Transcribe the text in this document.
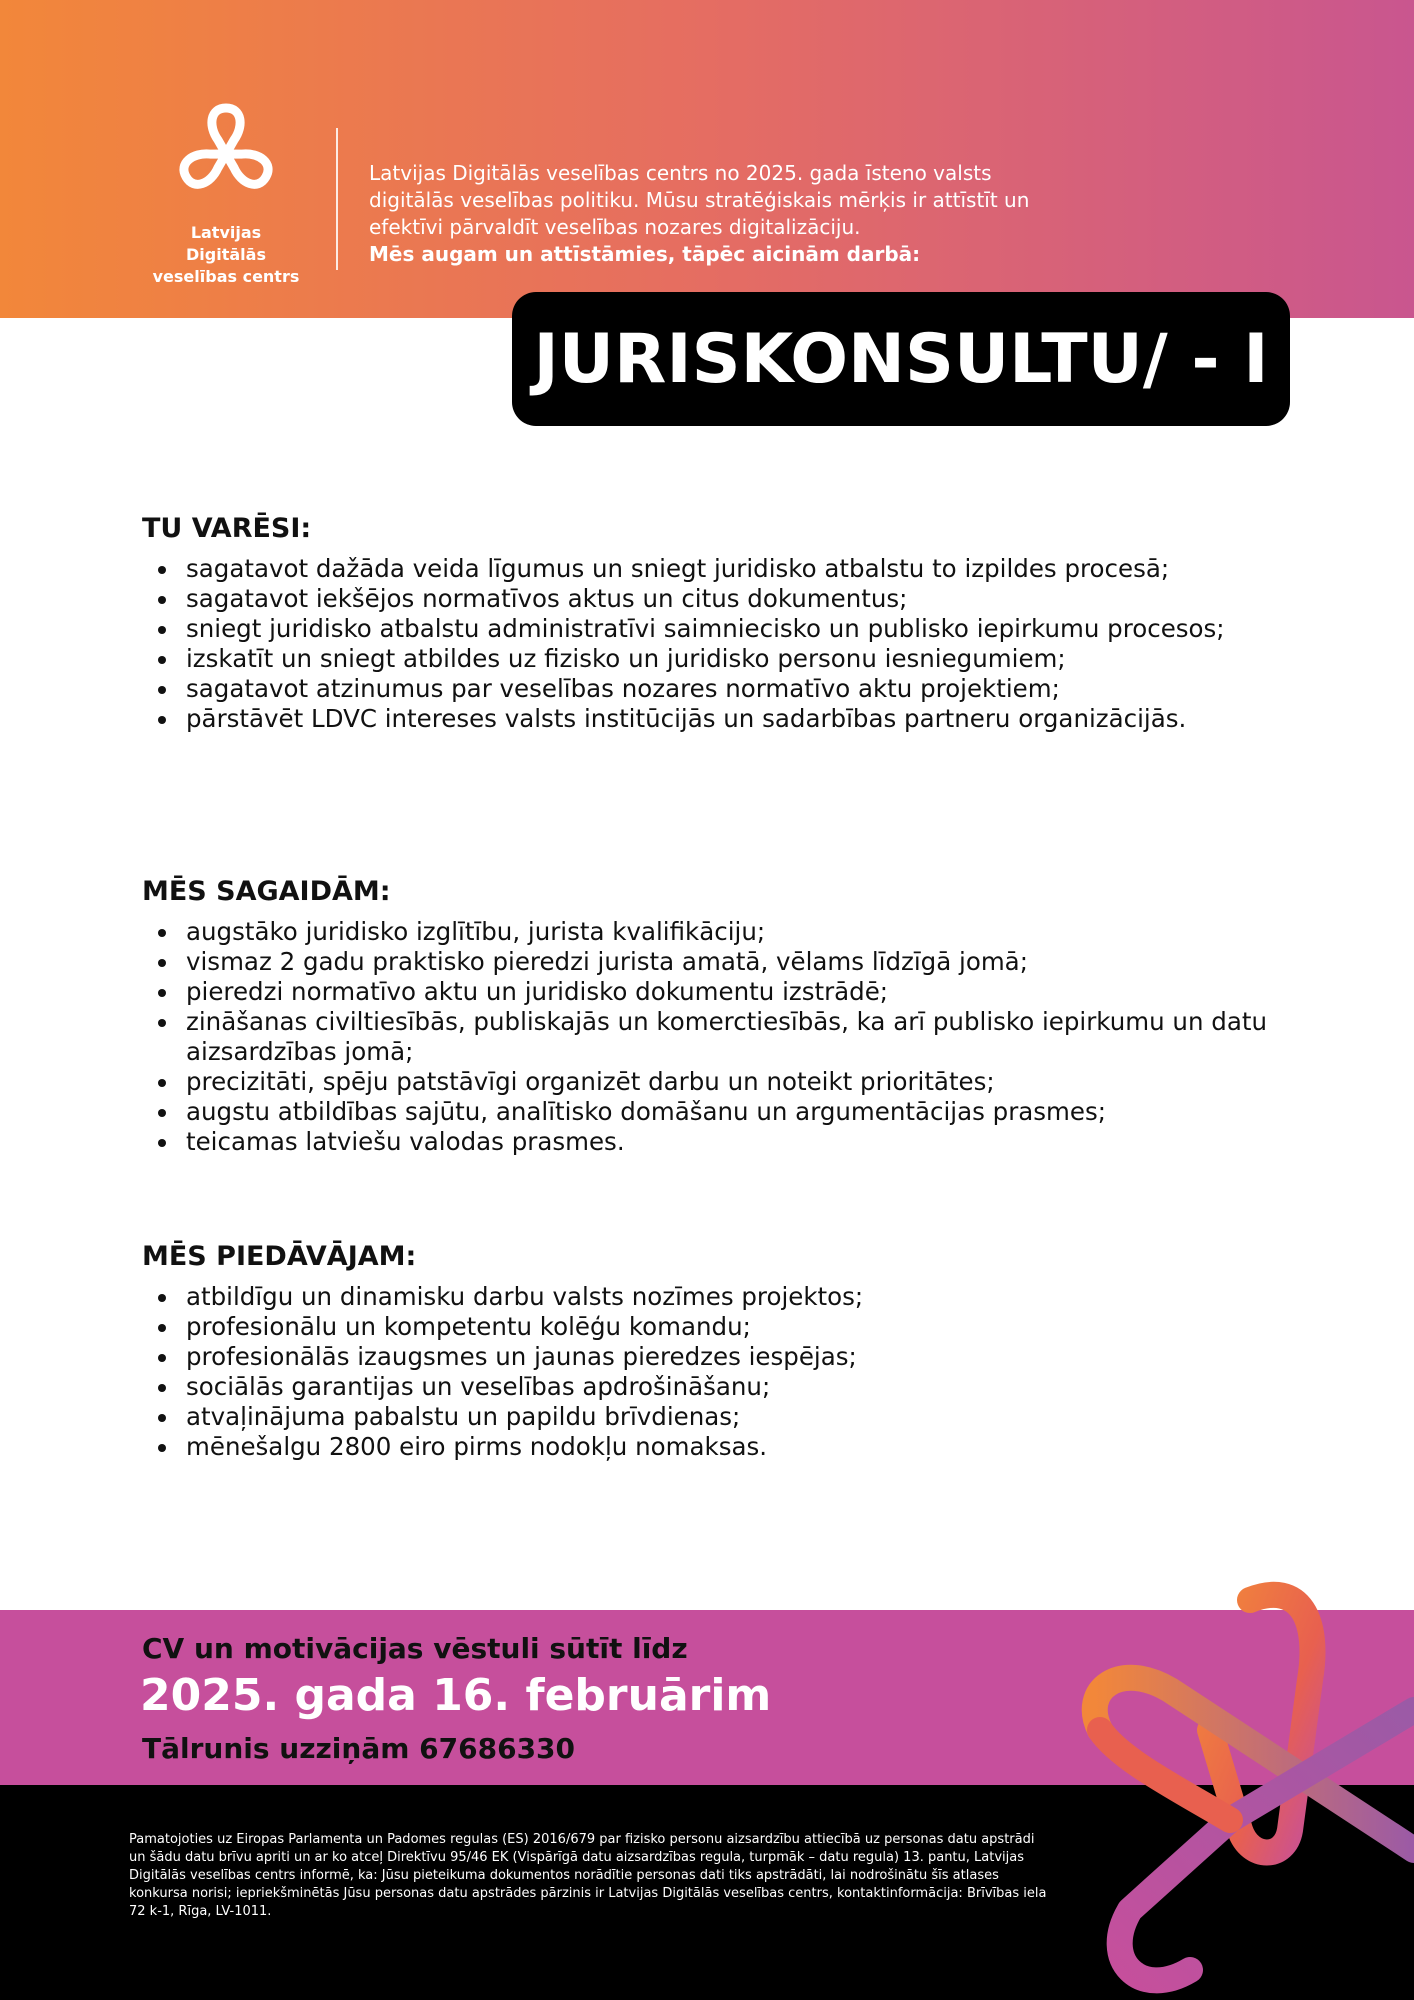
Latvijas Digitālās veselības centrs

Latvijas Digitālās veselības centrs no 2025. gada īsteno valsts digitālās veselības politiku. Mūsu stratēģiskais mērķis ir attīstīt un efektīvi pārvaldīt veselības nozares digitalizāciju.

Mēs augam un attīstāmies, tāpēc aicinām darbā:

JURISKONSULTU/ - I
TU VARĒSI:
sagatavot dažāda veida līgumus un sniegt juridisko atbalstu to izpildes procesā;
sagatavot iekšējos normatīvos aktus un citus dokumentus;
sniegt juridisko atbalstu administratīvi saimniecisko un publisko iepirkumu procesos;
izskatīt un sniegt atbildes uz fizisko un juridisko personu iesniegumiem;
sagatavot atzinumus par veselības nozares normatīvo aktu projektiem;
pārstāvēt LDVC intereses valsts institūcijās un sadarbības partneru organizācijās.
MĒS SAGAIDĀM:
augstāko juridisko izglītību, jurista kvalifikāciju;
vismaz 2 gadu praktisko pieredzi jurista amatā, vēlams līdzīgā jomā;
pieredzi normatīvo aktu un juridisko dokumentu izstrādē;
zināšanas civiltiesībās, publiskajās un komerctiesībās, ka arī publisko iepirkumu un datu aizsardzības jomā;
precizitāti, spēju patstāvīgi organizēt darbu un noteikt prioritātes;
augstu atbildības sajūtu, analītisko domāšanu un argumentācijas prasmes;
teicamas latviešu valodas prasmes.
MĒS PIEDĀVĀJAM:
atbildīgu un dinamisku darbu valsts nozīmes projektos;
profesionālu un kompetentu kolēģu komandu;
profesionālās izaugsmes un jaunas pieredzes iespējas;
sociālās garantijas un veselības apdrošināšanu;
atvaļinājuma pabalstu un papildu brīvdienas;
mēnešalgu 2800 eiro pirms nodokļu nomaksas.
CV un motivācijas vēstuli sūtīt līdz
2025. gada 16. februārim
Tālrunis uzziņām 67686330
Pamatojoties uz Eiropas Parlamenta un Padomes regulas (ES) 2016/679 par fizisko personu aizsardzību attiecībā uz personas datu apstrādi un šādu datu brīvu apriti un ar ko atceļ Direktīvu 95/46 EK (Vispārīgā datu aizsardzības regula, turpmāk – datu regula) 13. pantu, Latvijas Digitālās veselības centrs informē, ka: Jūsu pieteikuma dokumentos norādītie personas dati tiks apstrādāti, lai nodrošinātu šīs atlases konkursa norisi; iepriekšminētās Jūsu personas datu apstrādes pārzinis ir Latvijas Digitālās veselības centrs, kontaktinformācija: Brīvības iela 72 k-1, Rīga, LV-1011.
